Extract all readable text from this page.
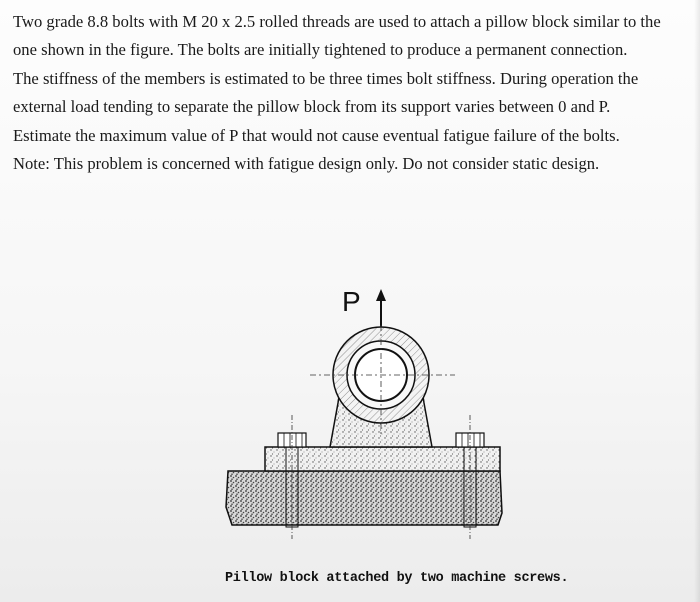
Two grade 8.8 bolts with M 20 x 2.5 rolled threads are used to attach a pillow block similar to the

one shown in the figure. The bolts are initially tightened to produce a permanent connection.

The stiffness of the members is estimated to be three times bolt stiffness. During operation the

external load tending to separate the pillow block from its support varies between 0 and P.

Estimate the maximum value of P that would not cause eventual fatigue failure of the bolts.

Note: This problem is concerned with fatigue design only. Do not consider static design.

P
Pillow block attached by two machine screws.
